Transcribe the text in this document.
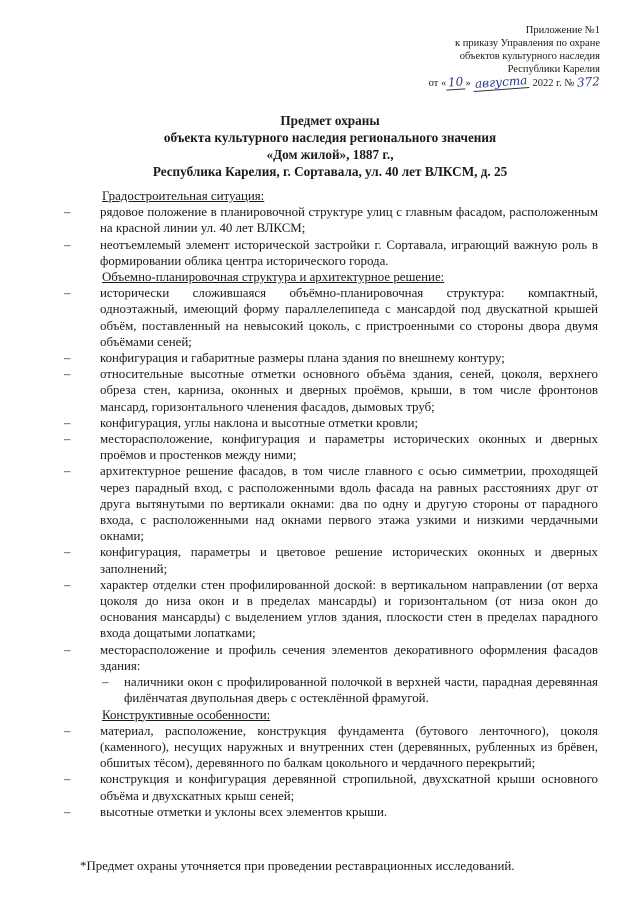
Приложение №1
к приказу Управления по охране
объектов культурного наследия
Республики Карелия
от «10 » августа 2022 г. № 372
Предмет охраны
объекта культурного наследия регионального значения
«Дом жилой», 1887 г.,
Республика Карелия, г. Сортавала, ул. 40 лет ВЛКСМ, д. 25
Градостроительная ситуация:
– рядовое положение в планировочной структуре улиц с главным фасадом, расположенным на красной линии ул. 40 лет ВЛКСМ;
– неотъемлемый элемент исторической застройки г. Сортавала, играющий важную роль в формировании облика центра исторического города.
Объемно-планировочная структура и архитектурное решение:
– исторически сложившаяся объёмно-планировочная структура: компактный, одноэтажный, имеющий форму параллелепипеда с мансардой под двускатной крышей объём, поставленный на невысокий цоколь, с пристроенными со стороны двора двумя объёмами сеней;
– конфигурация и габаритные размеры плана здания по внешнему контуру;
– относительные высотные отметки основного объёма здания, сеней, цоколя, верхнего обреза стен, карниза, оконных и дверных проёмов, крыши, в том числе фронтонов мансард, горизонтального членения фасадов, дымовых труб;
– конфигурация, углы наклона и высотные отметки кровли;
– месторасположение, конфигурация и параметры исторических оконных и дверных проёмов и простенков между ними;
– архитектурное решение фасадов, в том числе главного с осью симметрии, проходящей через парадный вход, с расположенными вдоль фасада на равных расстояниях друг от друга вытянутыми по вертикали окнами: два по одну и другую стороны от парадного входа, с расположенными над окнами первого этажа узкими и низкими чердачными окнами;
– конфигурация, параметры и цветовое решение исторических оконных и дверных заполнений;
– характер отделки стен профилированной доской: в вертикальном направлении (от верха цоколя до низа окон и в пределах мансарды) и горизонтальном (от низа окон до основания мансарды) с выделением углов здания, плоскости стен в пределах парадного входа дощатыми лопатками;
– месторасположение и профиль сечения элементов декоративного оформления фасадов здания:
– наличники окон с профилированной полочкой в верхней части, парадная деревянная филёнчатая двупольная дверь с остеклённой фрамугой.
Конструктивные особенности:
– материал, расположение, конструкция фундамента (бутового ленточного), цоколя (каменного), несущих наружных и внутренних стен (деревянных, рубленных из брёвен, обшитых тёсом), деревянного по балкам цокольного и чердачного перекрытий;
– конструкция и конфигурация деревянной стропильной, двухскатной крыши основного объёма и двухскатных крыш сеней;
– высотные отметки и уклоны всех элементов крыши.
*Предмет охраны уточняется при проведении реставрационных исследований.
